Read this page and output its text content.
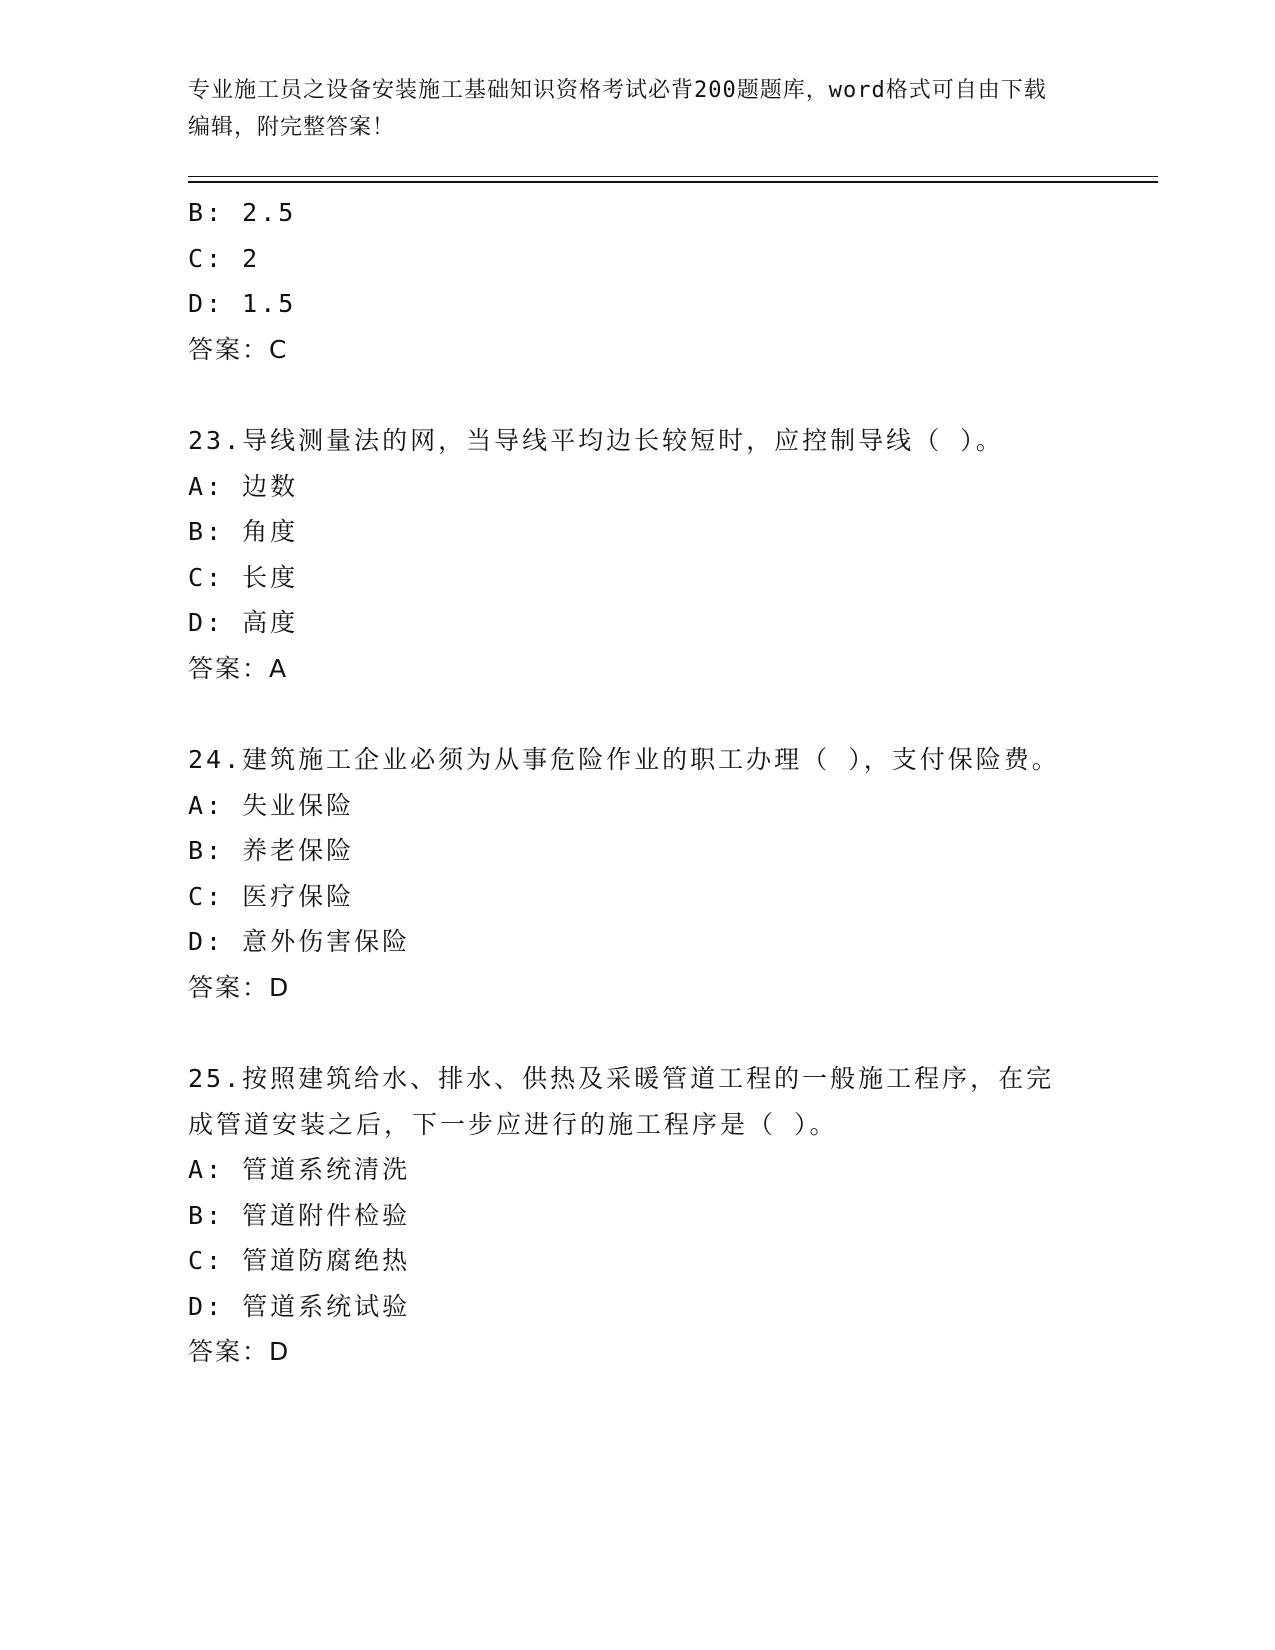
专业施工员之设备安装施工基础知识资格考试必背200题题库，word格式可自由下载编辑，附完整答案！
B: 2.5
C: 2
D: 1.5
答案：C
23.导线测量法的网，当导线平均边长较短时，应控制导线（ ）。
A: 边数
B: 角度
C: 长度
D: 高度
答案：A
24.建筑施工企业必须为从事危险作业的职工办理（ ），支付保险费。
A: 失业保险
B: 养老保险
C: 医疗保险
D: 意外伤害保险
答案：D
25.按照建筑给水、排水、供热及采暖管道工程的一般施工程序，在完成管道安装之后，下一步应进行的施工程序是（ ）。
A: 管道系统清洗
B: 管道附件检验
C: 管道防腐绝热
D: 管道系统试验
答案：D
